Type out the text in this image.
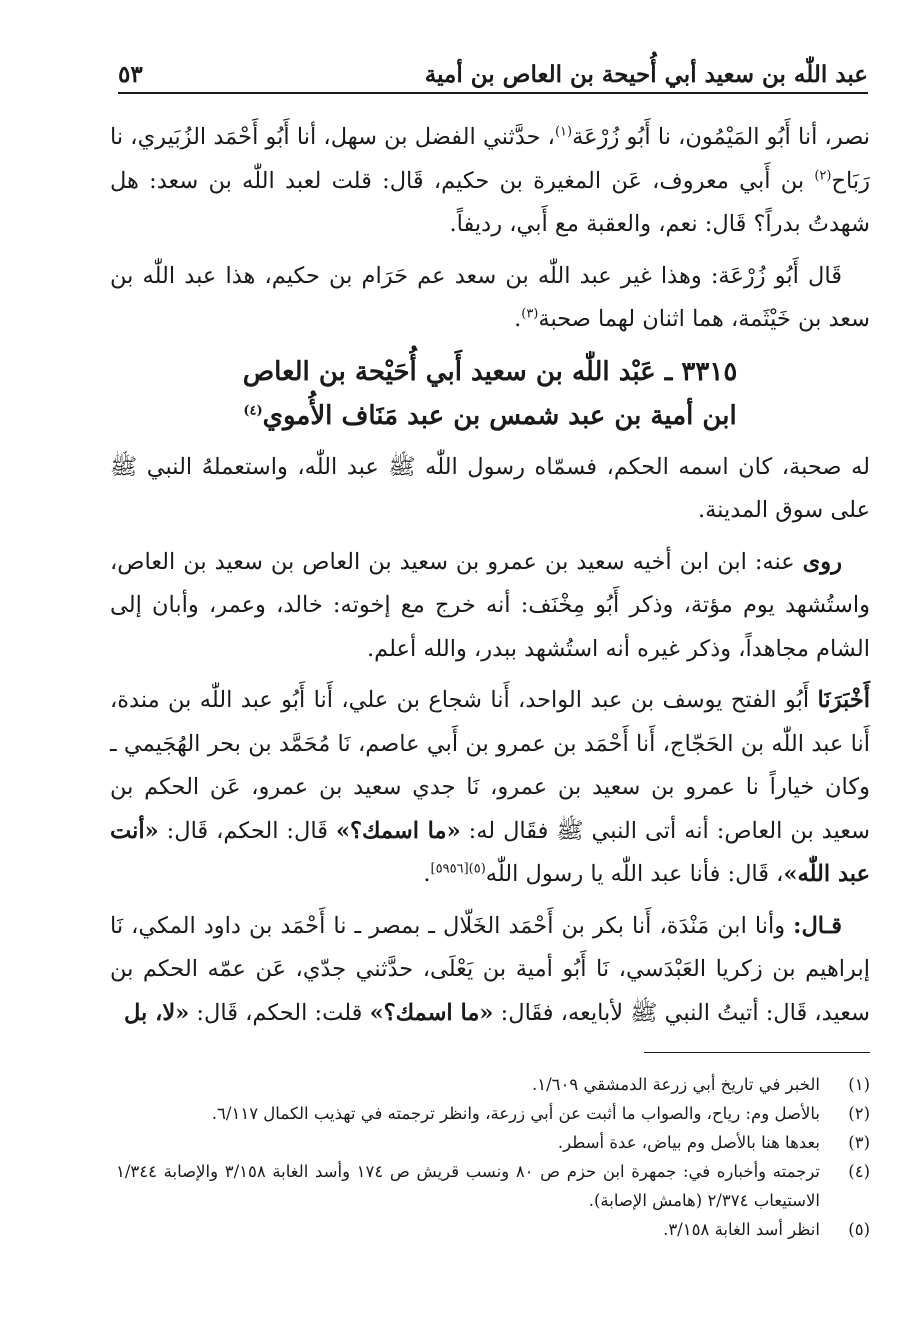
عبد اللّٰه بن سعيد أبي أُحيحة بن العاص بن أمية
٥٣

نصر، أنا أَبُو المَيْمُون، نا أَبُو زُرْعَة$^{(١)}$، حدَّثني الفضل بن سهل، أنا أَبُو أَحْمَد الزُبَيري، نا رَبَاح$^{(٢)}$ بن أَبي معروف، عَن المغيرة بن حكيم، قَال: قلت لعبد اللّٰه بن سعد: هل شهدتُ بدراً؟ قَال: نعم، والعقبة مع أَبي، رديفاً.

قَال أَبُو زُرْعَة: وهذا غير عبد اللّٰه بن سعد عم حَرَام بن حكيم، هذا عبد اللّٰه بن سعد بن خَيْثَمة، هما اثنان لهما صحبة$^{(٣)}$.

٣٣١٥ ـ عَبْد اللّٰه بن سعيد أَبي أُحَيْحة بن العاص
ابن أمية بن عبد شمس بن عبد مَنَاف الأُموي$^{(٤)}$

له صحبة، كان اسمه الحكم، فسمّاه رسول اللّٰه ﷺ عبد اللّٰه، واستعملهُ النبي ﷺ على سوق المدينة.

روى عنه: ابن ابن أخيه سعيد بن عمرو بن سعيد بن العاص بن سعيد بن العاص، واستُشهد يوم مؤتة، وذكر أَبُو مِخْنَف: أنه خرج مع إخوته: خالد، وعمر، وأبان إلى الشام مجاهداً، وذكر غيره أنه استُشهد ببدر، والله أعلم.

أَخْبَرَنَا أَبُو الفتح يوسف بن عبد الواحد، أَنا شجاع بن علي، أَنا أَبُو عبد اللّٰه بن مندة، أَنا عبد اللّٰه بن الحَجّاج، أَنا أَحْمَد بن عمرو بن أَبي عاصم، نَا مُحَمَّد بن بحر الهُجَيمي ـ وكان خياراً نا عمرو بن سعيد بن عمرو، نَا جدي سعيد بن عمرو، عَن الحكم بن سعيد بن العاص: أنه أتى النبي ﷺ فقَال له: «ما اسمك؟» قَال: الحكم، قَال: «أنت عبد اللّٰه»، قَال: فأنا عبد اللّٰه يا رسول اللّٰه$^{(٥)[٥٩٥٦]}$.

قـال: وأنا ابن مَنْدَة، أَنا بكر بن أَحْمَد الخَلّال ـ بمصر ـ نا أَحْمَد بن داود المكي، نَا إبراهيم بن زكريا العَبْدَسي، نَا أَبُو أمية بن يَعْلَى، حدَّثني جدّي، عَن عمّه الحكم بن سعيد، قَال: أتيتُ النبي ﷺ لأبايعه، فقَال: «ما اسمك؟» قلت: الحكم، قَال: «لا، بل

(١)
الخبر في تاريخ أبي زرعة الدمشقي ١/٦٠٩.
(٢)
بالأصل وم: رياح، والصواب ما أثبت عن أبي زرعة، وانظر ترجمته في تهذيب الكمال ٦/١١٧.
(٣)
بعدها هنا بالأصل وم بياض، عدة أسطر.
(٤)
ترجمته وأخباره في: جمهرة ابن حزم ص ٨٠ ونسب قريش ص ١٧٤ وأسد الغابة ٣/١٥٨ والإصابة ١/٣٤٤ الاستيعاب ٢/٣٧٤ (هامش الإصابة).
(٥)
انظر أسد الغابة ٣/١٥٨.
